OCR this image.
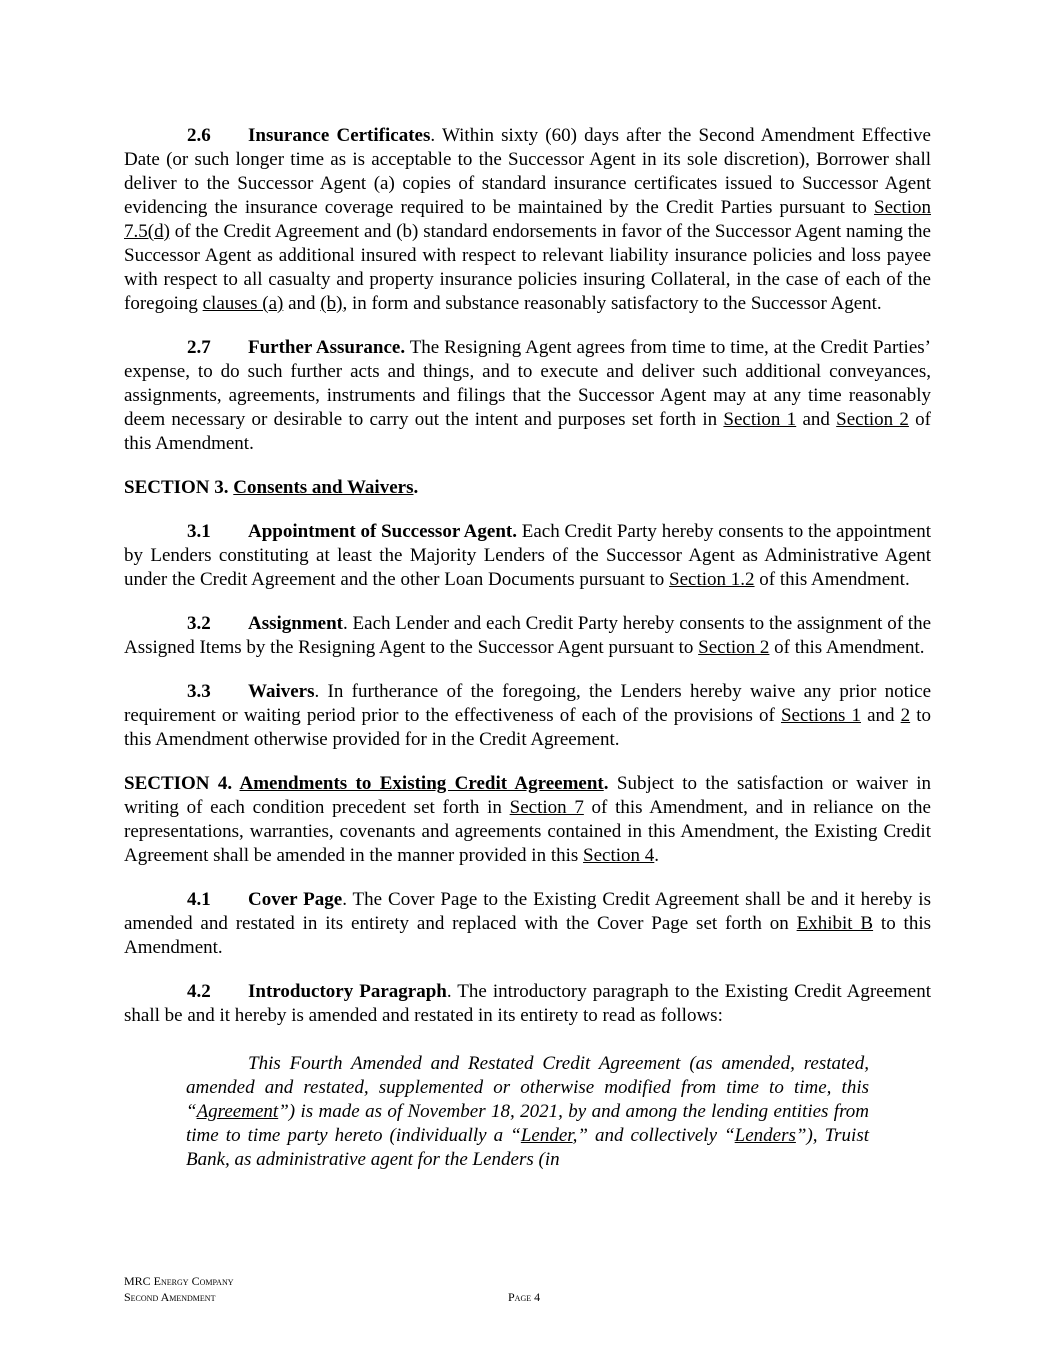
2.6 Insurance Certificates. Within sixty (60) days after the Second Amendment Effective Date (or such longer time as is acceptable to the Successor Agent in its sole discretion), Borrower shall deliver to the Successor Agent (a) copies of standard insurance certificates issued to Successor Agent evidencing the insurance coverage required to be maintained by the Credit Parties pursuant to Section 7.5(d) of the Credit Agreement and (b) standard endorsements in favor of the Successor Agent naming the Successor Agent as additional insured with respect to relevant liability insurance policies and loss payee with respect to all casualty and property insurance policies insuring Collateral, in the case of each of the foregoing clauses (a) and (b), in form and substance reasonably satisfactory to the Successor Agent.

2.7 Further Assurance. The Resigning Agent agrees from time to time, at the Credit Parties’ expense, to do such further acts and things, and to execute and deliver such additional conveyances, assignments, agreements, instruments and filings that the Successor Agent may at any time reasonably deem necessary or desirable to carry out the intent and purposes set forth in Section 1 and Section 2 of this Amendment.

SECTION 3. Consents and Waivers.

3.1 Appointment of Successor Agent. Each Credit Party hereby consents to the appointment by Lenders constituting at least the Majority Lenders of the Successor Agent as Administrative Agent under the Credit Agreement and the other Loan Documents pursuant to Section 1.2 of this Amendment.

3.2 Assignment. Each Lender and each Credit Party hereby consents to the assignment of the Assigned Items by the Resigning Agent to the Successor Agent pursuant to Section 2 of this Amendment.

3.3 Waivers. In furtherance of the foregoing, the Lenders hereby waive any prior notice requirement or waiting period prior to the effectiveness of each of the provisions of Sections 1 and 2 to this Amendment otherwise provided for in the Credit Agreement.

SECTION 4. Amendments to Existing Credit Agreement. Subject to the satisfaction or waiver in writing of each condition precedent set forth in Section 7 of this Amendment, and in reliance on the representations, warranties, covenants and agreements contained in this Amendment, the Existing Credit Agreement shall be amended in the manner provided in this Section 4.

4.1 Cover Page. The Cover Page to the Existing Credit Agreement shall be and it hereby is amended and restated in its entirety and replaced with the Cover Page set forth on Exhibit B to this Amendment.

4.2 Introductory Paragraph. The introductory paragraph to the Existing Credit Agreement shall be and it hereby is amended and restated in its entirety to read as follows:

This Fourth Amended and Restated Credit Agreement (as amended, restated, amended and restated, supplemented or otherwise modified from time to time, this “Agreement”) is made as of November 18, 2021, by and among the lending entities from time to time party hereto (individually a “Lender,” and collectively “Lenders”), Truist Bank, as administrative agent for the Lenders (in

MRC Energy Company
Second Amendment	Page 4
